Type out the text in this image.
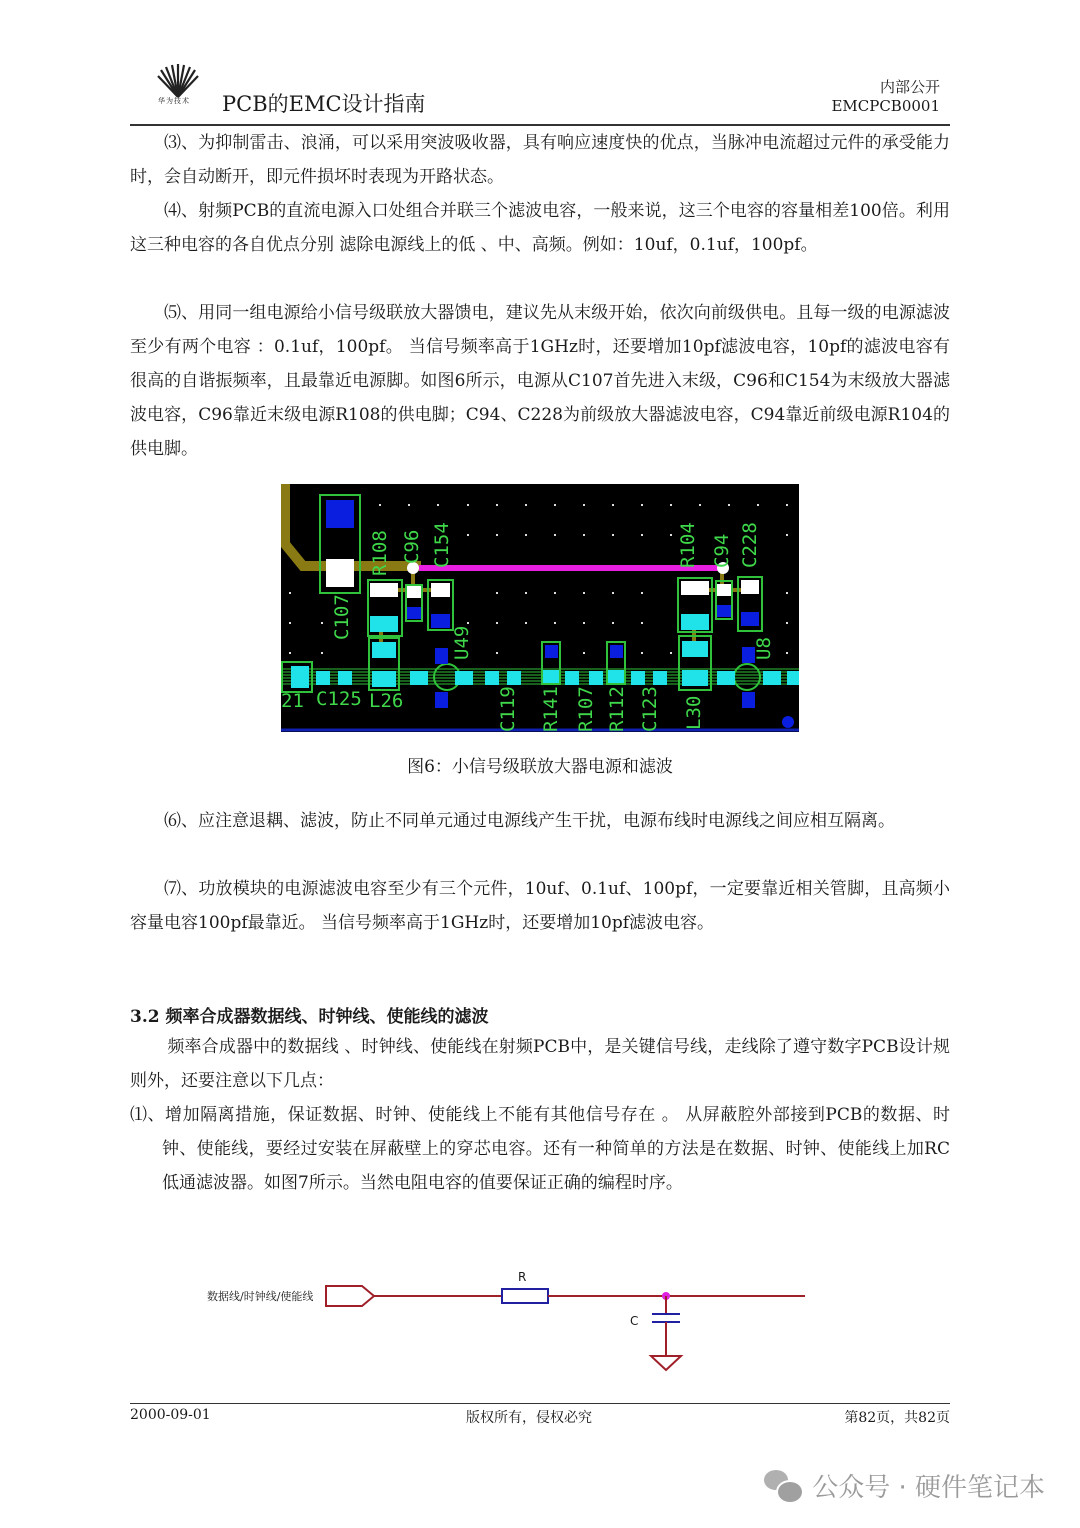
华为技术 PCB的EMC设计指南
内部公开
EMCPCB0001
⑶、为抑制雷击、浪涌，可以采用突波吸收器，具有响应速度快的优点，当脉冲电流超过元件的承受能力时，会自动断开，即元件损坏时表现为开路状态。
⑷、射频PCB的直流电源入口处组合并联三个滤波电容，一般来说，这三个电容的容量相差100倍。利用这三种电容的各自优点分别 滤除电源线上的低 、中、高频。例如：10uf，0.1uf，100pf。
⑸、用同一组电源给小信号级联放大器馈电，建议先从末级开始，依次向前级供电。且每一级的电源滤波至少有两个电容 ：0.1uf，100pf。 当信号频率高于1GHz时，还要增加10pf滤波电容，10pf的滤波电容有很高的自谐振频率，且最靠近电源脚。如图6所示，电源从C107首先进入末级，C96和C154为末级放大器滤波电容，C96靠近末级电源R108的供电脚；C94、C228为前级放大器滤波电容，C94靠近前级电源R104的供电脚。
C107
R108 C96 C154	R104 C94 C228
U49	U8
21 C125 L26	C119 R141 R107 R112 C123 L30
图6：小信号级联放大器电源和滤波
⑹、应注意退耦、滤波，防止不同单元通过电源线产生干扰，电源布线时电源线之间应相互隔离。
⑺、功放模块的电源滤波电容至少有三个元件，10uf、0.1uf、100pf，一定要靠近相关管脚，且高频小容量电容100pf最靠近。 当信号频率高于1GHz时，还要增加10pf滤波电容。
3.2 频率合成器数据线、时钟线、使能线的滤波
频率合成器中的数据线 、时钟线、使能线在射频PCB中，是关键信号线，走线除了遵守数字PCB设计规则外，还要注意以下几点：
⑴、增加隔离措施，保证数据、时钟、使能线上不能有其他信号存在 。 从屏蔽腔外部接到PCB的数据、时钟、使能线，要经过安装在屏蔽壁上的穿芯电容。还有一种简单的方法是在数据、时钟、使能线上加RC低通滤波器。如图7所示。当然电阻电容的值要保证正确的编程时序。
数据线/时钟线/使能线
R
C
2000-09-01	版权所有，侵权必究	第82页，共82页
公众号 · 硬件笔记本
